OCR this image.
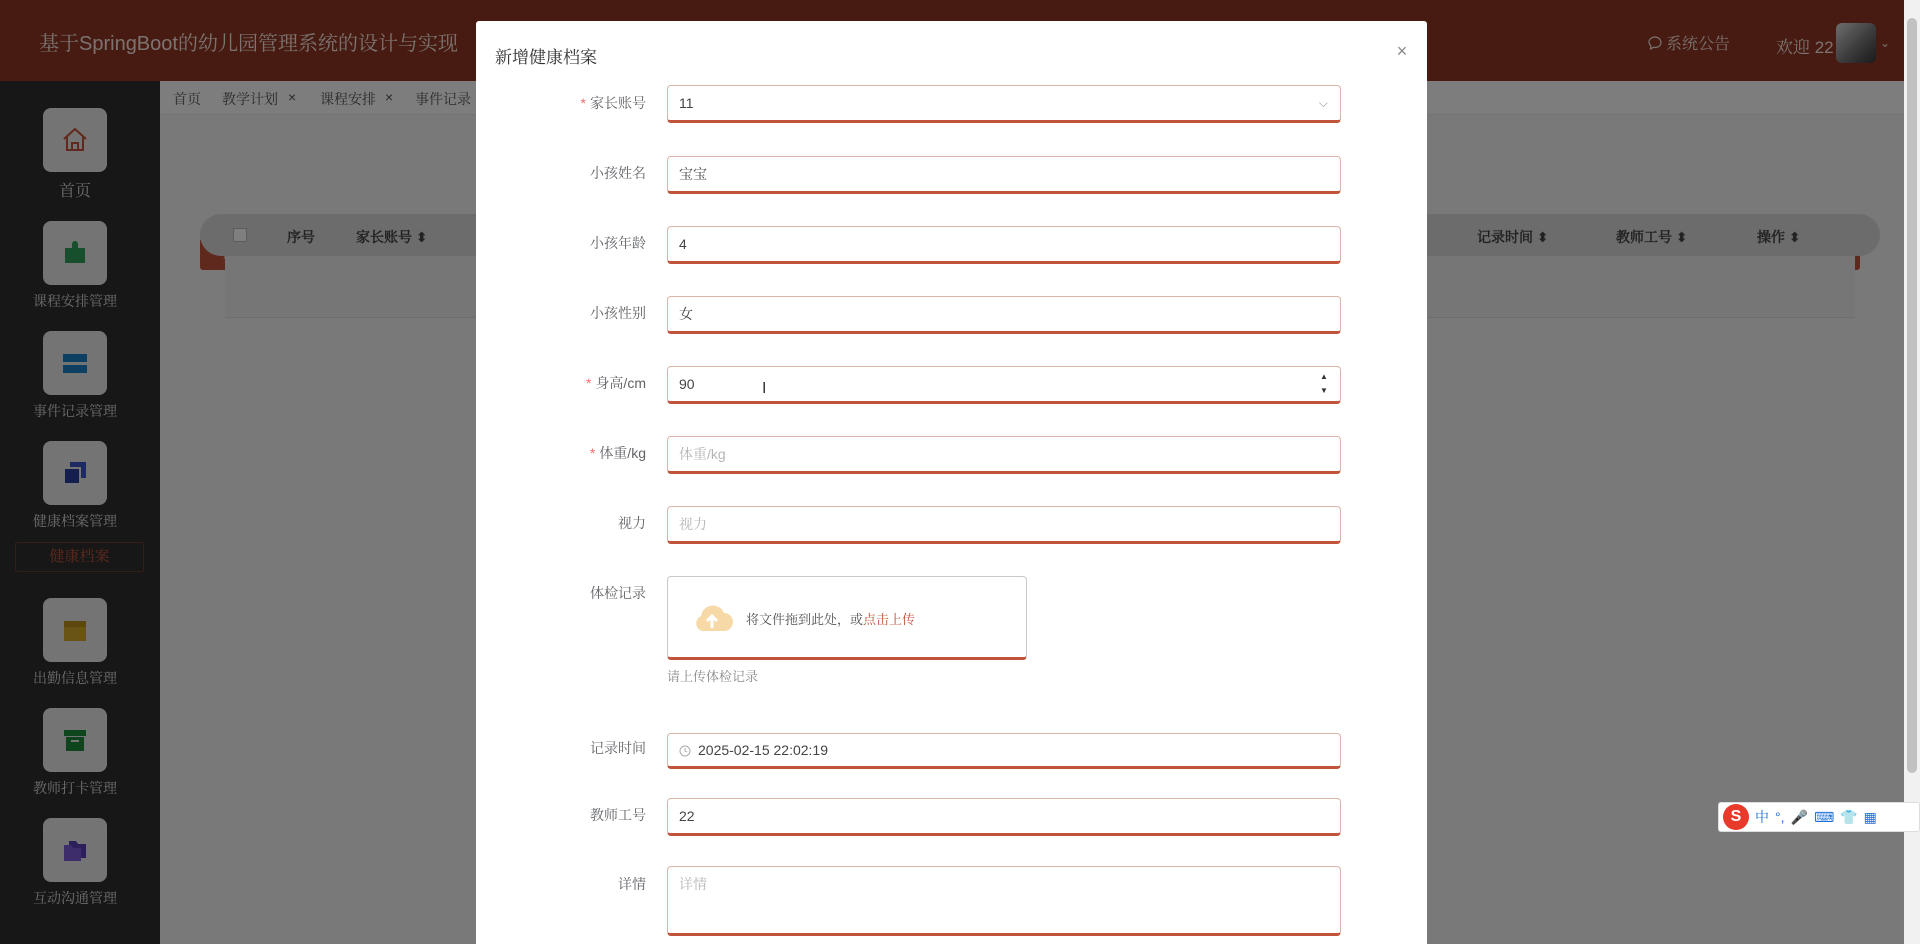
新增健康档案	×
* 家长账号	11	⌵
小孩姓名	宝宝
小孩年龄	4
小孩性别	女
* 身高/cm	90	▲
▼
* 体重/kg	体重/kg
视力	视力
体检记录
将文件拖到此处，或点击上传
请上传体检记录
记录时间	2025-02-15 22:02:19
教师工号	22
详情	详情
I
S 中 °, 🎤 ⌨ 👕 ▦
